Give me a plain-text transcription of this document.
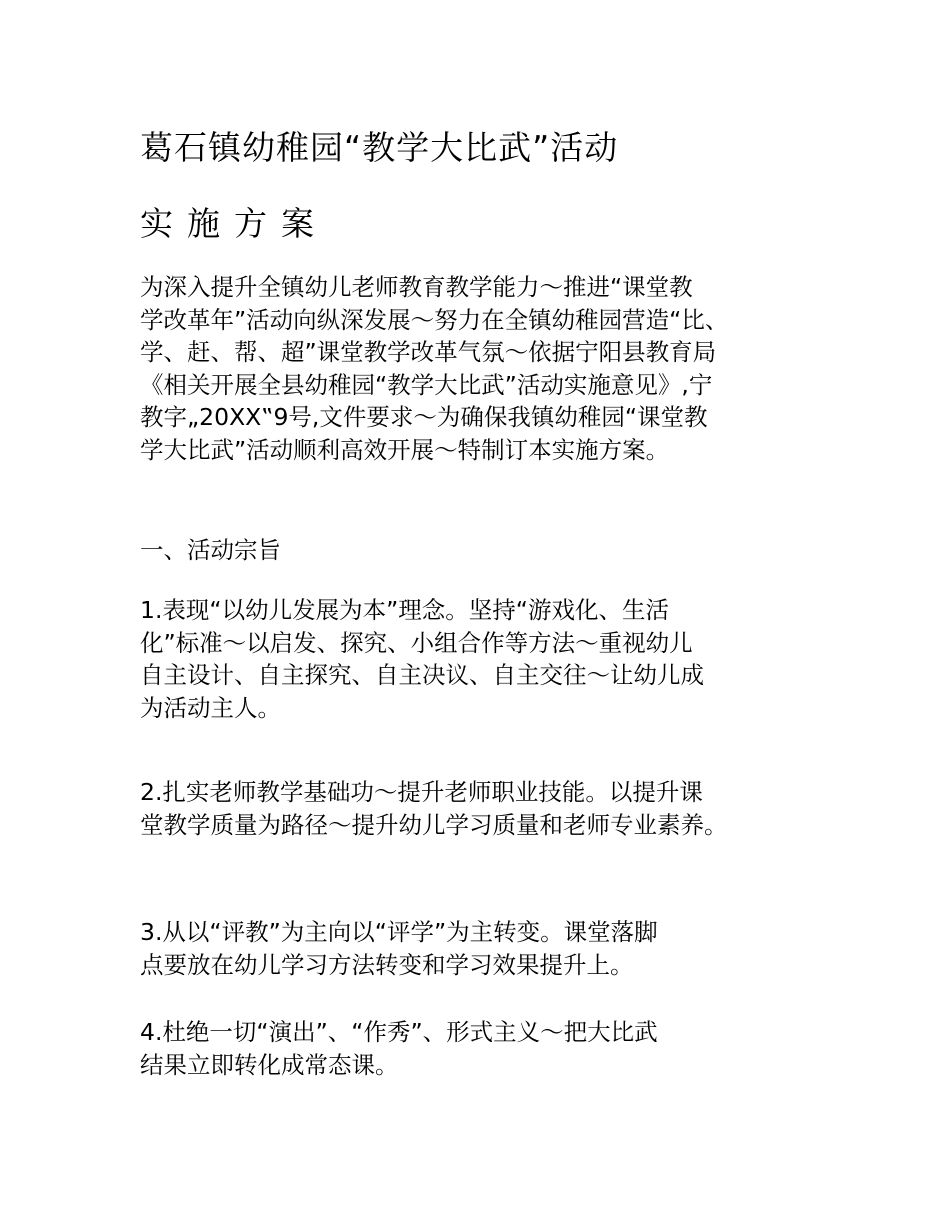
葛石镇幼稚园“教学大比武”活动
实施方案

为深入提升全镇幼儿老师教育教学能力～推进“课堂教
学改革年”活动向纵深发展～努力在全镇幼稚园营造“比、
学、赶、帮、超”课堂教学改革气氛～依据宁阳县教育局
《相关开展全县幼稚园“教学大比武”活动实施意见》,宁
教字„20XX‟9号,文件要求～为确保我镇幼稚园“课堂教
学大比武”活动顺利高效开展～特制订本实施方案。

一、活动宗旨

1.表现“以幼儿发展为本”理念。坚持“游戏化、生活
化”标准～以启发、探究、小组合作等方法～重视幼儿
自主设计、自主探究、自主决议、自主交往～让幼儿成
为活动主人。

2.扎实老师教学基础功～提升老师职业技能。以提升课
堂教学质量为路径～提升幼儿学习质量和老师专业素养。

3.从以“评教”为主向以“评学”为主转变。课堂落脚
点要放在幼儿学习方法转变和学习效果提升上。

4.杜绝一切“演出”、“作秀”、形式主义～把大比武
结果立即转化成常态课。
